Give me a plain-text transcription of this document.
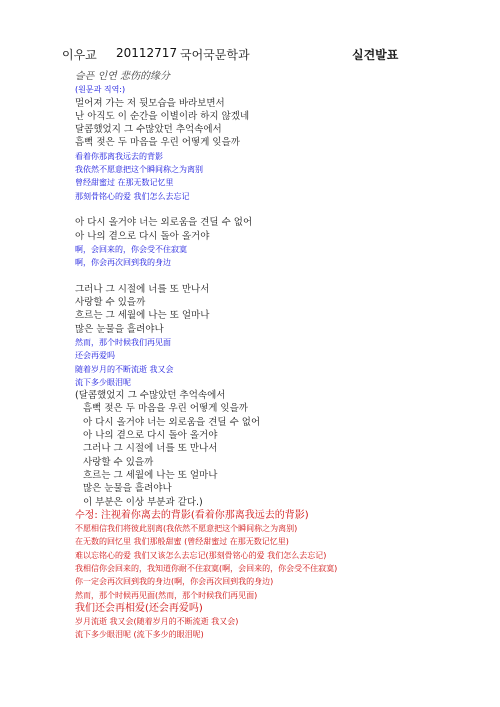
이우교 20112717 국어국문학과	실견발표
슬픈 인연 悲伤的缘分
(원문과 직역:)
멀어져 가는 저 뒷모습을 바라보면서
난 아직도 이 순간을 이별이라 하지 않겠네
달콤했었지 그 수많았던 추억속에서
흠뻑 젖은 두 마음을 우린 어떻게 잊을까
看着你那离我远去的背影
我依然不愿意把这个瞬间称之为离别
曾经甜蜜过 在那无数记忆里
那刻骨铭心的爱 我们怎么去忘记
아 다시 올거야 너는 외로움을 견딜 수 없어
아 나의 곁으로 다시 돌아 올거야
啊，会回来的，你会受不住寂寞
啊，你会再次回到我的身边
그러나 그 시절에 너를 또 만나서
사랑할 수 있을까
흐르는 그 세월에 나는 또 얼마나
많은 눈물을 흘려야나
然而，那个时候我们再见面
还会再爱吗
随着岁月的不断流逝 我又会
流下多少眼泪呢
(달콤했었지 그 수많았던 추억속에서
흠뻑 젖은 두 마음을 우린 어떻게 잊을까
아 다시 올거야 너는 외로움을 견딜 수 없어
아 나의 곁으로 다시 돌아 올거야
그러나 그 시절에 너를 또 만나서
사랑할 수 있을까
흐르는 그 세월에 나는 또 얼마나
많은 눈물을 흘려야나
이 부분은 이상 부분과 같다.)
수정: 注视着你离去的背影(看着你那离我远去的背影)
不愿相信我们将彼此别离(我依然不愿意把这个瞬间称之为离别)
在无数的回忆里 我们那般甜蜜 (曾经甜蜜过 在那无数记忆里)
难以忘铭心的爱 我们又该怎么去忘记(那刻骨铭心的爱 我们怎么去忘记)
我相信你会回来的，我知道你耐不住寂寞(啊，会回来的，你会受不住寂寞)
你一定会再次回到我的身边(啊，你会再次回到我的身边)
然而，那个时候再见面(然而，那个时候我们再见面)
我们还会再相爱(还会再爱吗)
岁月流逝 我又会(随着岁月的不断流逝 我又会)
流下多少眼泪呢 (流下多少的眼泪呢)
